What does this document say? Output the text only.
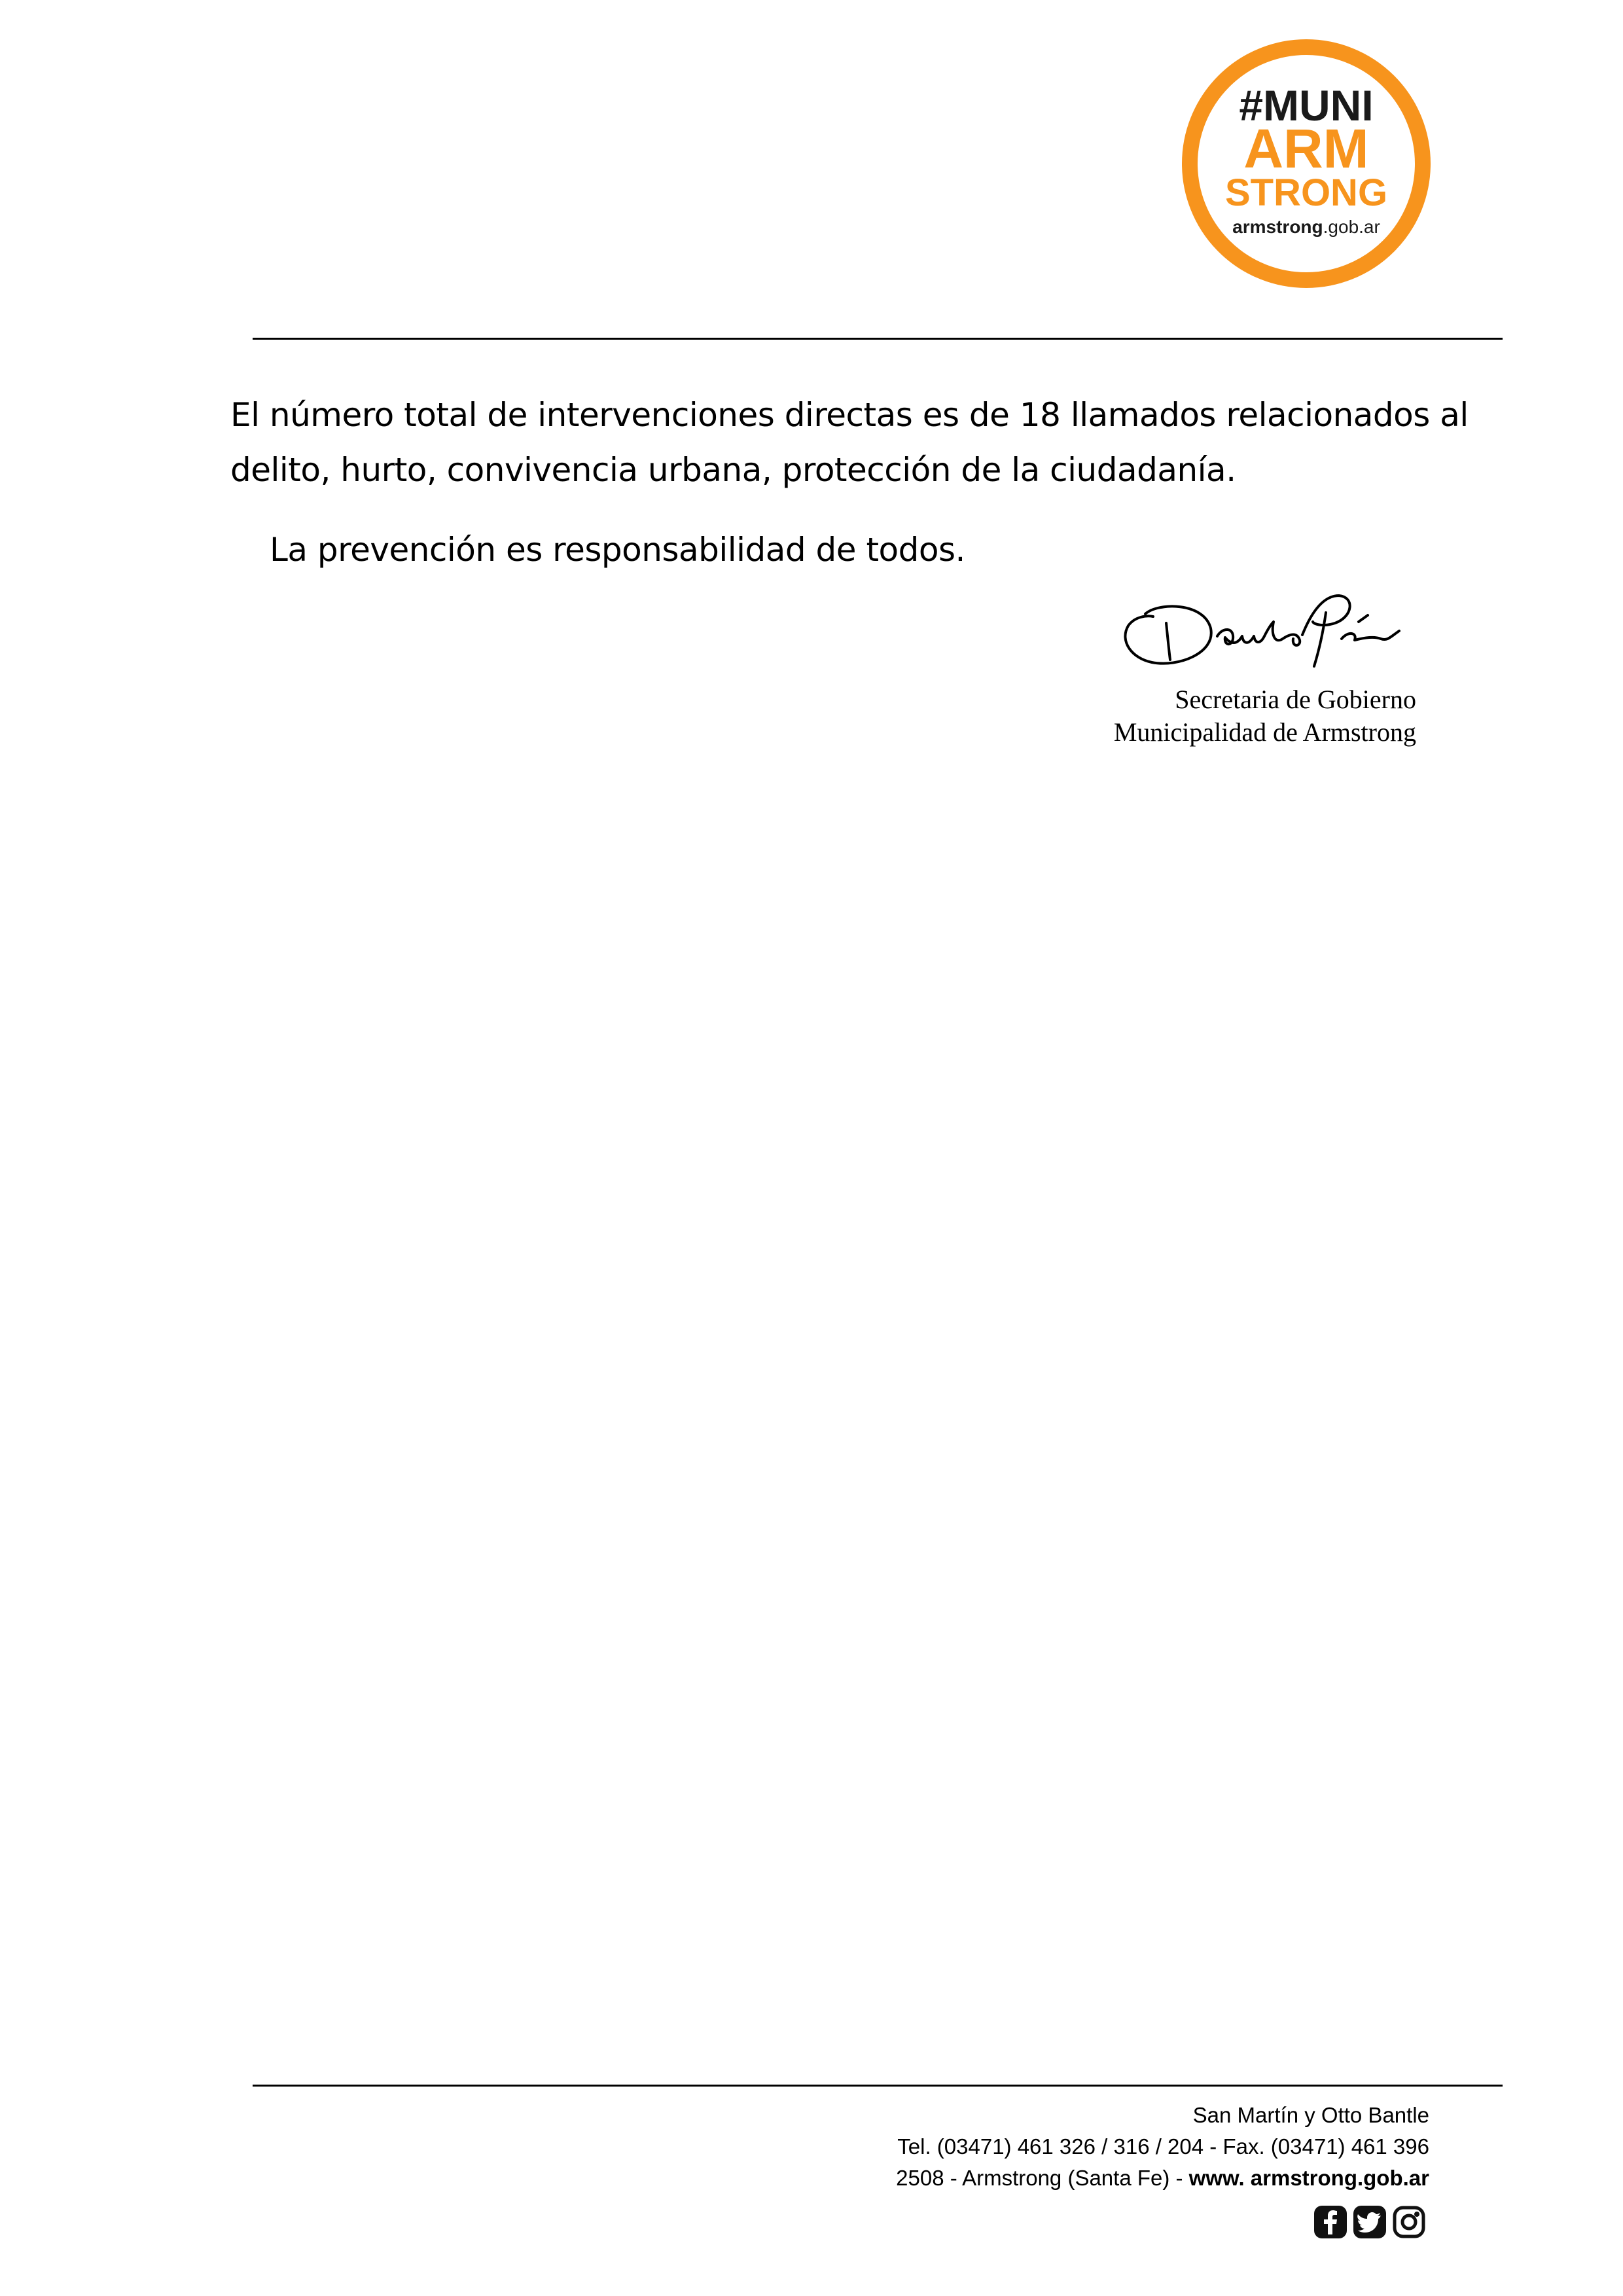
#MUNI
ARM
STRONG
armstrong.gob.ar
El número total de intervenciones directas es de 18 llamados relacionados al
delito, hurto, convivencia urbana, protección de la ciudadanía.
La prevención es responsabilidad de todos.
Secretaria de Gobierno
Municipalidad de Armstrong
San Martín y Otto Bantle
Tel. (03471) 461 326 / 316 / 204 - Fax. (03471) 461 396
2508 - Armstrong (Santa Fe) - www. armstrong.gob.ar
